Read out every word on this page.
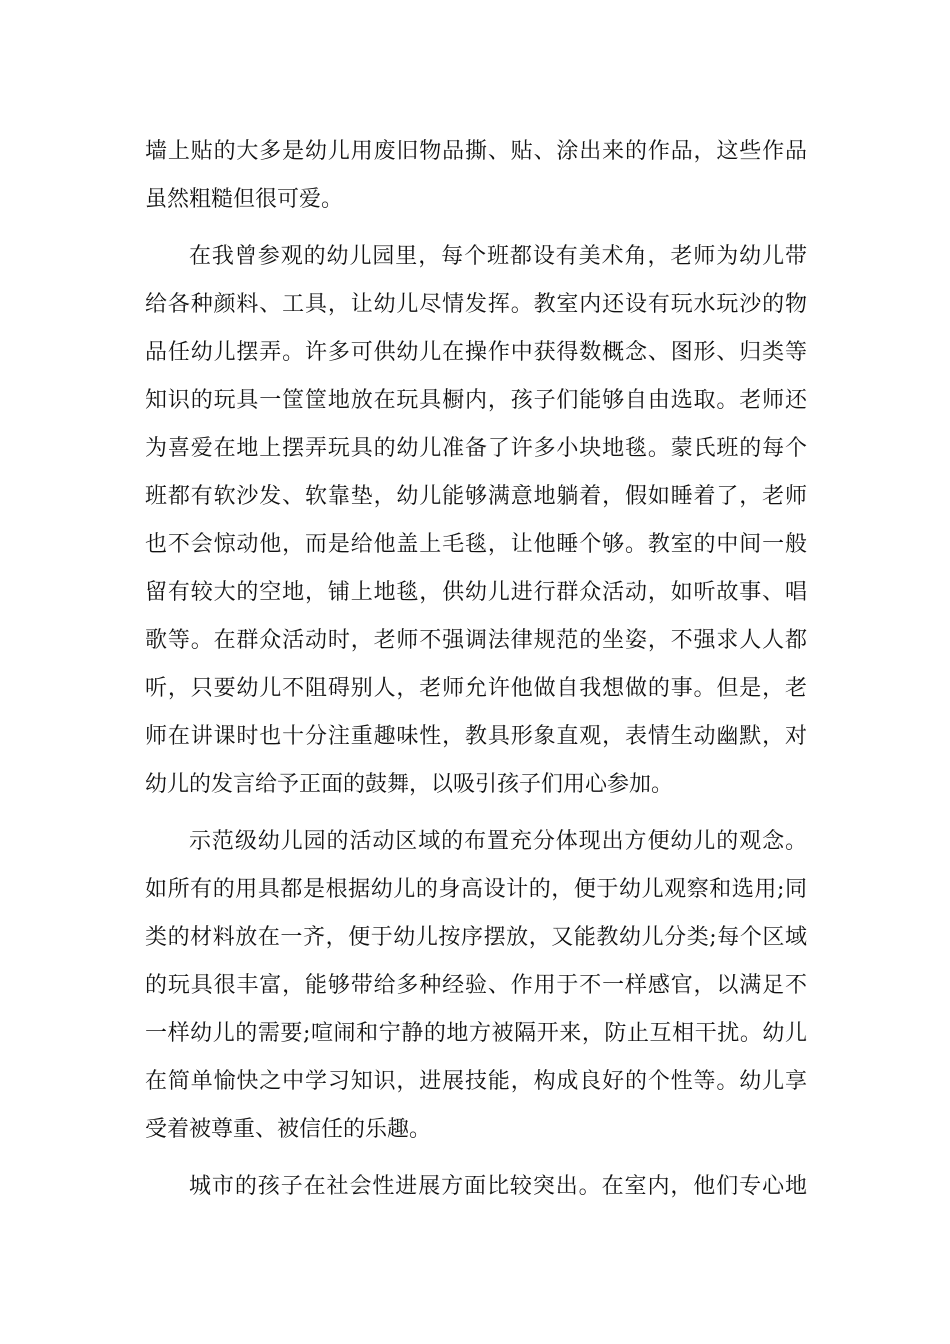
墙上贴的大多是幼儿用废旧物品撕、贴、涂出来的作品，这些作品
虽然粗糙但很可爱。
在我曾参观的幼儿园里，每个班都设有美术角，老师为幼儿带
给各种颜料、工具，让幼儿尽情发挥。教室内还设有玩水玩沙的物
品任幼儿摆弄。许多可供幼儿在操作中获得数概念、图形、归类等
知识的玩具一筐筐地放在玩具橱内，孩子们能够自由选取。老师还
为喜爱在地上摆弄玩具的幼儿准备了许多小块地毯。蒙氏班的每个
班都有软沙发、软靠垫，幼儿能够满意地躺着，假如睡着了，老师
也不会惊动他，而是给他盖上毛毯，让他睡个够。教室的中间一般
留有较大的空地，铺上地毯，供幼儿进行群众活动，如听故事、唱
歌等。在群众活动时，老师不强调法律规范的坐姿，不强求人人都
听，只要幼儿不阻碍别人，老师允许他做自我想做的事。但是，老
师在讲课时也十分注重趣味性，教具形象直观，表情生动幽默，对
幼儿的发言给予正面的鼓舞，以吸引孩子们用心参加。
示范级幼儿园的活动区域的布置充分体现出方便幼儿的观念。
如所有的用具都是根据幼儿的身高设计的，便于幼儿观察和选用;同
类的材料放在一齐，便于幼儿按序摆放，又能教幼儿分类;每个区域
的玩具很丰富，能够带给多种经验、作用于不一样感官，以满足不
一样幼儿的需要;喧闹和宁静的地方被隔开来，防止互相干扰。幼儿
在简单愉快之中学习知识，进展技能，构成良好的个性等。幼儿享
受着被尊重、被信任的乐趣。
城市的孩子在社会性进展方面比较突出。在室内，他们专心地
